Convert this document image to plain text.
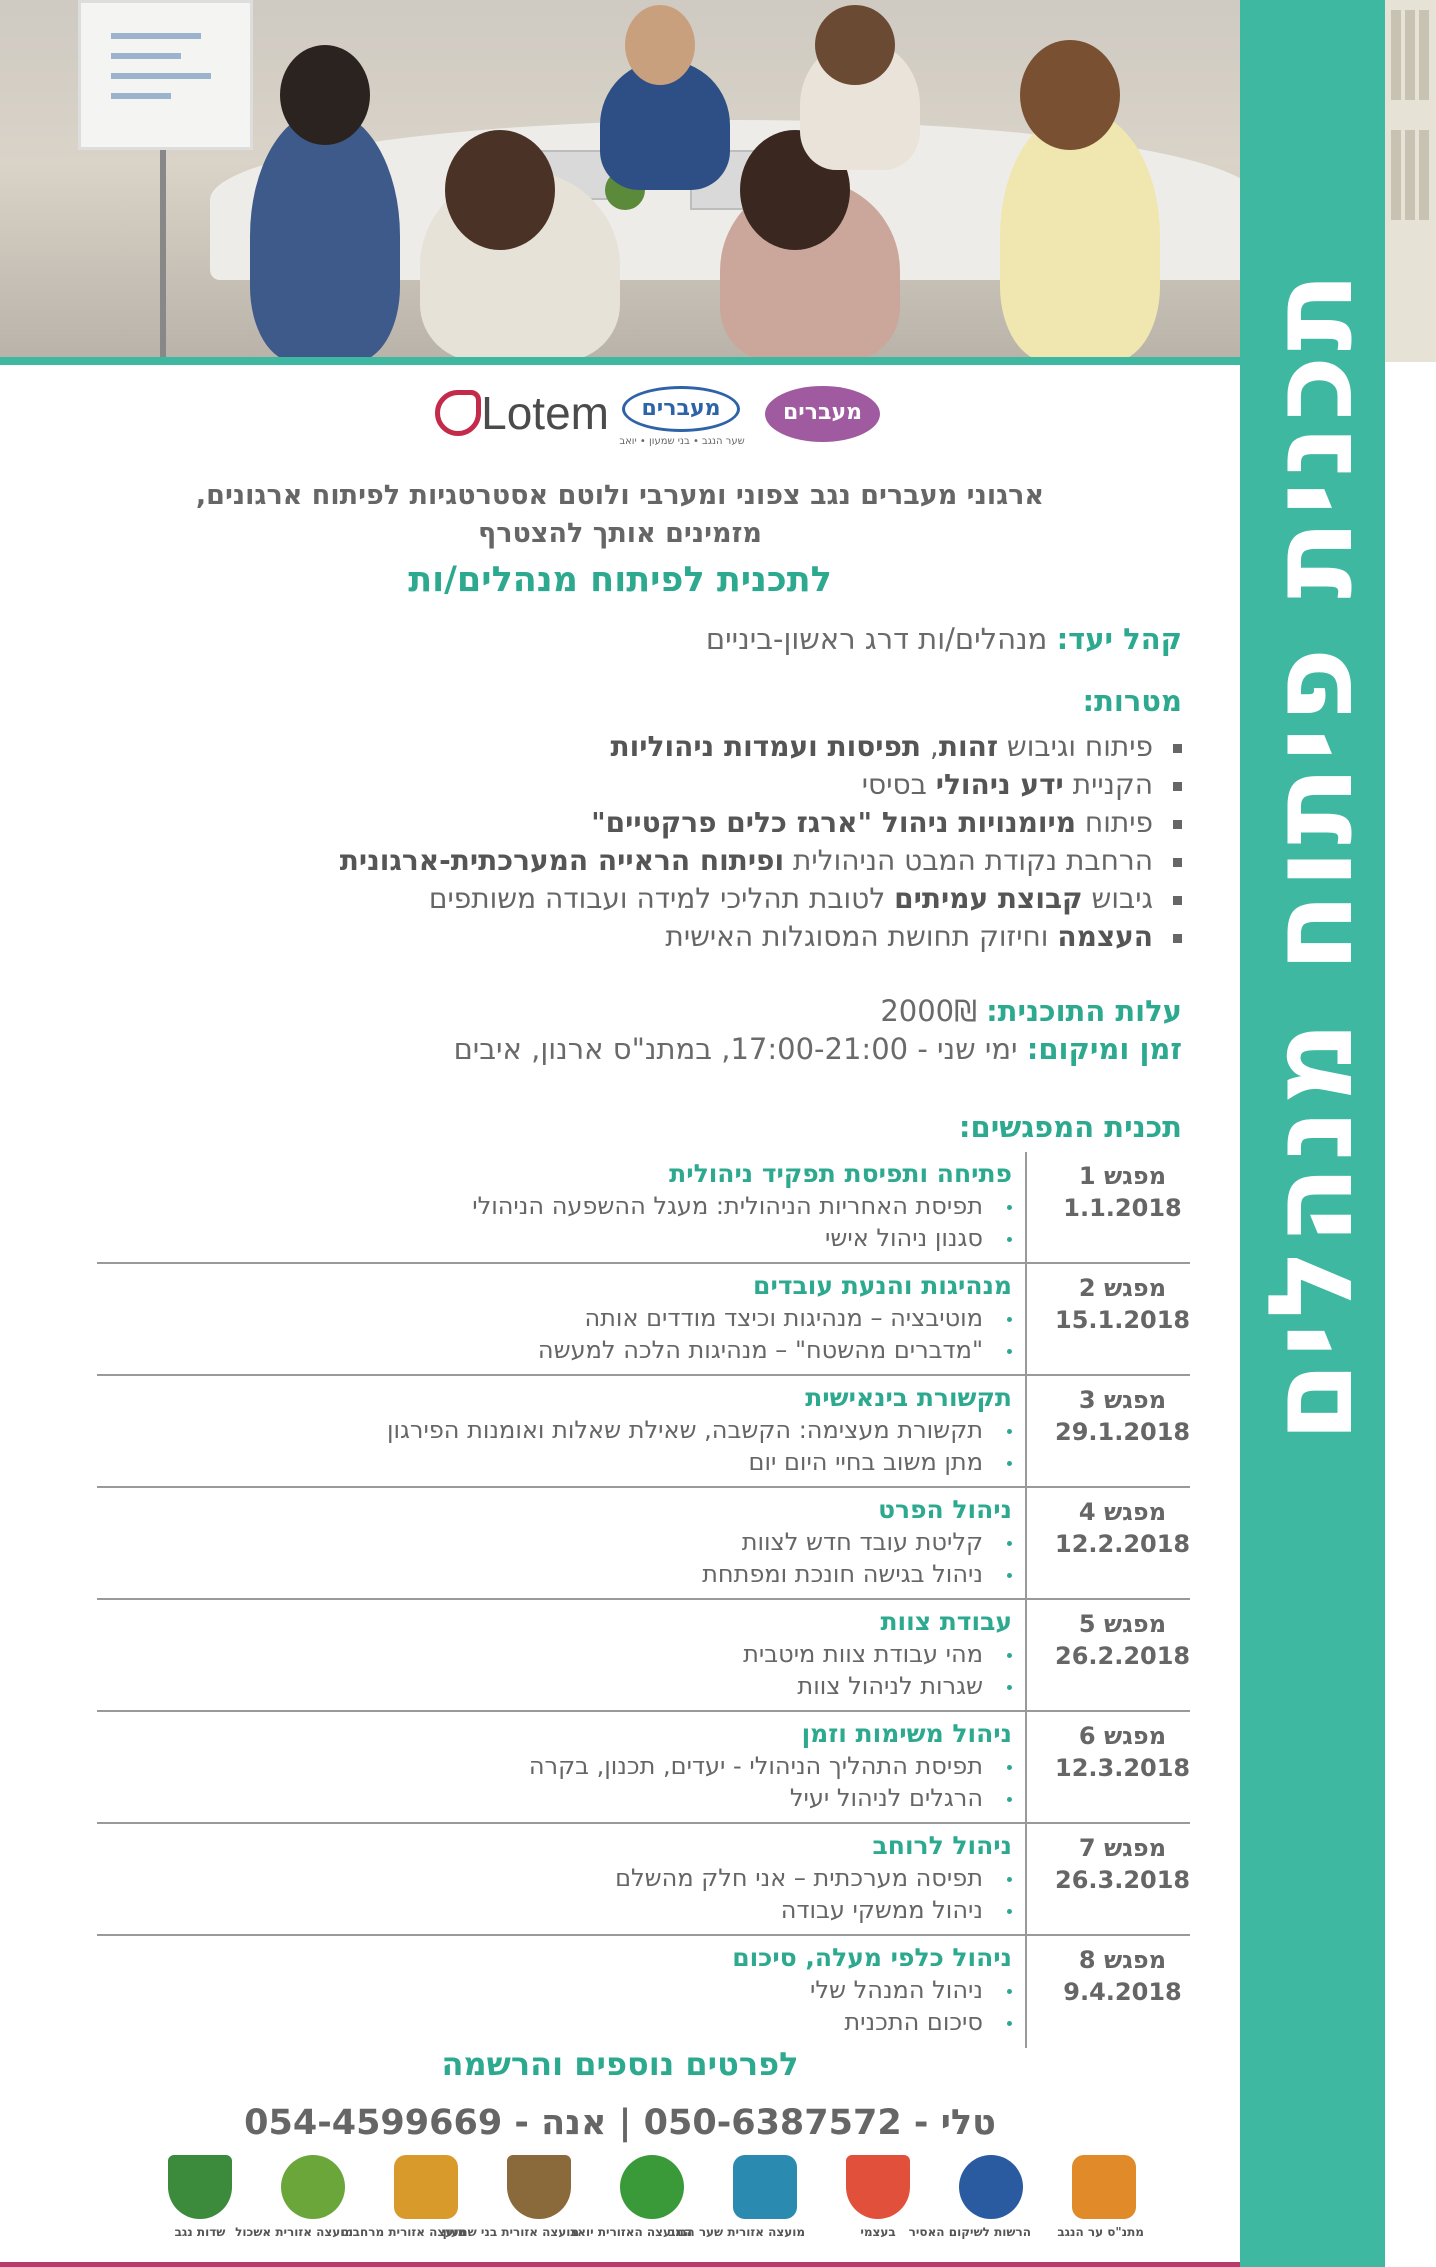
תכנית פיתוח מנהלים
Lotem	מעברים
שער הנגב • בני שמעון • יואב
מעברים
ארגוני מעברים נגב צפוני ומערבי ולוטם אסטרטגיות לפיתוח ארגונים,
מזמינים אותך להצטרף
לתכנית לפיתוח מנהלים/ות
קהל יעד: מנהלים/ות דרג ראשון-ביניים
מטרות:
פיתוח וגיבוש זהות, תפיסות ועמדות ניהוליות
הקניית ידע ניהולי בסיסי
פיתוח מיומנויות ניהול "ארגז כלים פרקטיים"
הרחבת נקודת המבט הניהולית ופיתוח הראייה המערכתית-ארגונית
גיבוש קבוצת עמיתים לטובת תהליכי למידה ועבודה משותפים
העצמה וחיזוק תחושת המסוגלות האישית
עלות התוכנית: 2000₪
זמן ומיקום: ימי שני - 17:00-21:00, במתנ"ס ארנון, איבים
תכנית המפגשים:
מפגש 1
1.1.2018
פתיחה ותפיסת תפקיד ניהולית
תפיסת האחריות הניהולית: מעגל ההשפעה הניהולי
סגנון ניהול אישי
מפגש 2
15.1.2018
מנהיגות והנעת עובדים
מוטיבציה – מנהיגות וכיצד מודדים אותה
"מדברים מהשטח" – מנהיגות הלכה למעשה
מפגש 3
29.1.2018
תקשורת בינאישית
תקשורת מעצימה: הקשבה, שאילת שאלות ואומנות הפירגון
מתן משוב בחיי היום יום
מפגש 4
12.2.2018
ניהול הפרט
קליטת עובד חדש לצוות
ניהול בגישה חונכת ומפתחת
מפגש 5
26.2.2018
עבודת צוות
מהי עבודת צוות מיטבית
שגרות לניהול צוות
מפגש 6
12.3.2018
ניהול משימות וזמן
תפיסת התהליך הניהולי - יעדים, תכנון, בקרה
הרגלים לניהול יעיל
מפגש 7
26.3.2018
ניהול לרוחב
תפיסה מערכתית – אני חלק מהשלם
ניהול ממשקי עבודה
מפגש 8
9.4.2018
ניהול כלפי מעלה, סיכום
ניהול המנהל שלי
סיכום התכנית
לפרטים נוספים והרשמה
טלי - 050-6387572 | אנה - 054-4599669
שדות נגב מועצה אזורית אשכול
מועצה אזורית מרחבים
מועצה אזורית בני שמעון
המועצה האזורית יואב
מועצה אזורית שער הנגב	בעצמי	הרשות לשיקום האסיר מתנ"ס ער הנגב
